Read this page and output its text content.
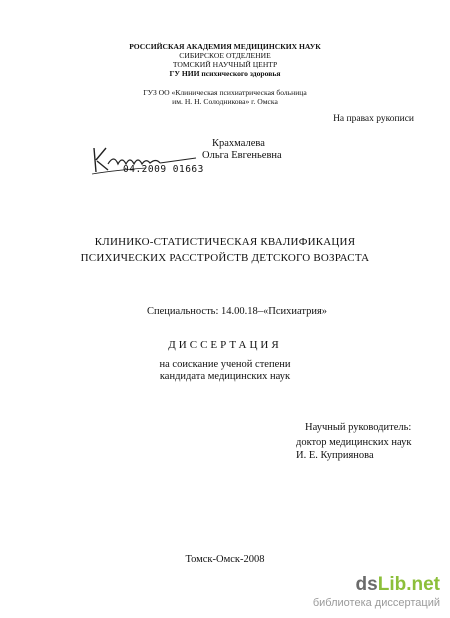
РОССИЙСКАЯ АКАДЕМИЯ МЕДИЦИНСКИХ НАУК
СИБИРСКОЕ ОТДЕЛЕНИЕ
ТОМСКИЙ НАУЧНЫЙ ЦЕНТР
ГУ НИИ психического здоровья
ГУЗ ОО «Клиническая психиатрическая больница
им. Н. Н. Солодникова» г. Омска
На правах рукописи
Крахмалева
Ольга Евгеньевна
04.2009 01663
КЛИНИКО-СТАТИСТИЧЕСКАЯ КВАЛИФИКАЦИЯ
ПСИХИЧЕСКИХ РАССТРОЙСТВ ДЕТСКОГО ВОЗРАСТА
Специальность: 14.00.18–«Психиатрия»
ДИССЕРТАЦИЯ
на соискание ученой степени
кандидата медицинских наук
Научный руководитель:
доктор медицинских наук
И. Е. Куприянова
Томск-Омск-2008
dsLib.net
библиотека диссертаций
